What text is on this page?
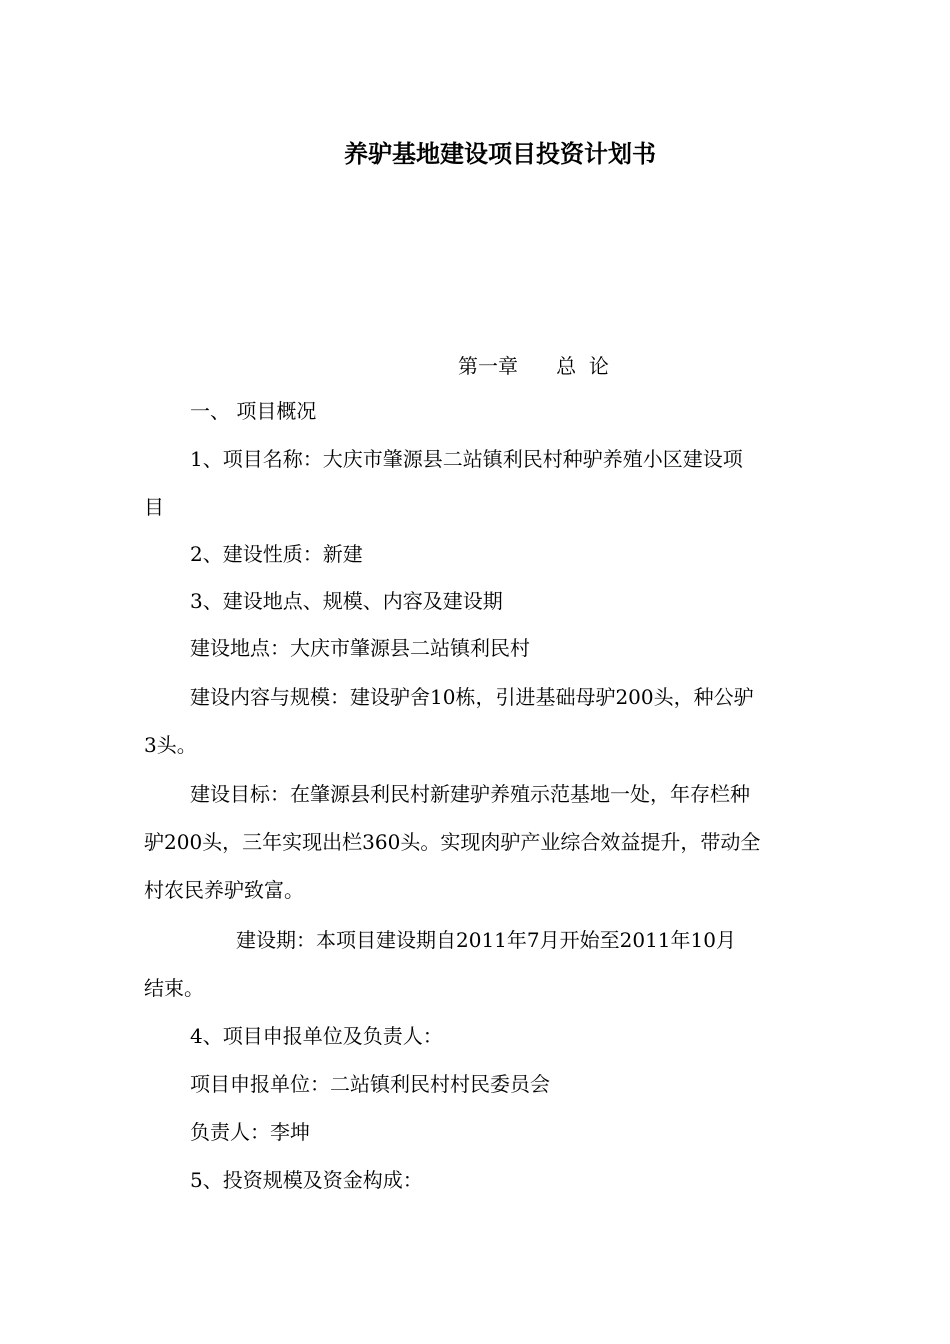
养驴基地建设项目投资计划书
第一章      总  论
一、 项目概况
1、项目名称：大庆市肇源县二站镇利民村种驴养殖小区建设项
目
2、建设性质：新建
3、建设地点、规模、内容及建设期
建设地点：大庆市肇源县二站镇利民村
建设内容与规模：建设驴舍10栋，引进基础母驴200头，种公驴
3头。
建设目标：在肇源县利民村新建驴养殖示范基地一处，年存栏种
驴200头，三年实现出栏360头。实现肉驴产业综合效益提升，带动全
村农民养驴致富。
建设期：本项目建设期自2011年7月开始至2011年10月
结束。
4、项目申报单位及负责人：
项目申报单位：二站镇利民村村民委员会
负责人：李坤
5、投资规模及资金构成：
